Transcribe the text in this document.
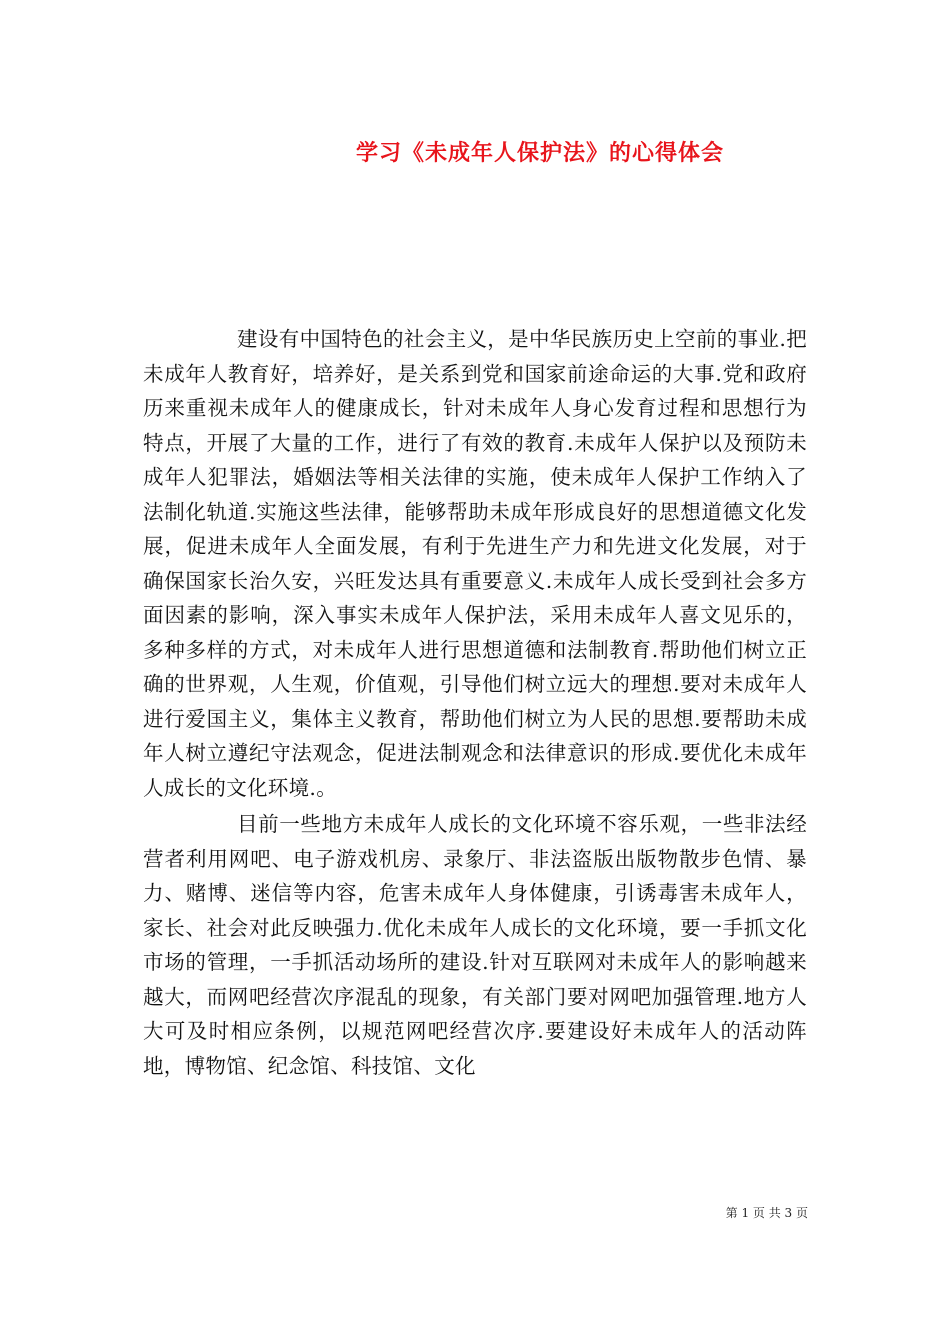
学习《未成年人保护法》的心得体会

建设有中国特色的社会主义，是中华民族历史上空前的事业.把未成年人教育好，培养好，是关系到党和国家前途命运的大事.党和政府历来重视未成年人的健康成长，针对未成年人身心发育过程和思想行为特点，开展了大量的工作，进行了有效的教育.未成年人保护以及预防未成年人犯罪法，婚姻法等相关法律的实施，使未成年人保护工作纳入了法制化轨道.实施这些法律，能够帮助未成年形成良好的思想道德文化发展，促进未成年人全面发展，有利于先进生产力和先进文化发展，对于确保国家长治久安，兴旺发达具有重要意义.未成年人成长受到社会多方面因素的影响，深入事实未成年人保护法，采用未成年人喜文见乐的，多种多样的方式，对未成年人进行思想道德和法制教育.帮助他们树立正确的世界观，人生观，价值观，引导他们树立远大的理想.要对未成年人进行爱国主义，集体主义教育，帮助他们树立为人民的思想.要帮助未成年人树立遵纪守法观念，促进法制观念和法律意识的形成.要优化未成年人成长的文化环境.。

目前一些地方未成年人成长的文化环境不容乐观，一些非法经营者利用网吧、电子游戏机房、录象厅、非法盗版出版物散步色情、暴力、赌博、迷信等内容，危害未成年人身体健康，引诱毒害未成年人，家长、社会对此反映强力.优化未成年人成长的文化环境，要一手抓文化市场的管理，一手抓活动场所的建设.针对互联网对未成年人的影响越来越大，而网吧经营次序混乱的现象，有关部门要对网吧加强管理.地方人大可及时相应条例，以规范网吧经营次序.要建设好未成年人的活动阵地，博物馆、纪念馆、科技馆、文化

第 1 页 共 3 页
